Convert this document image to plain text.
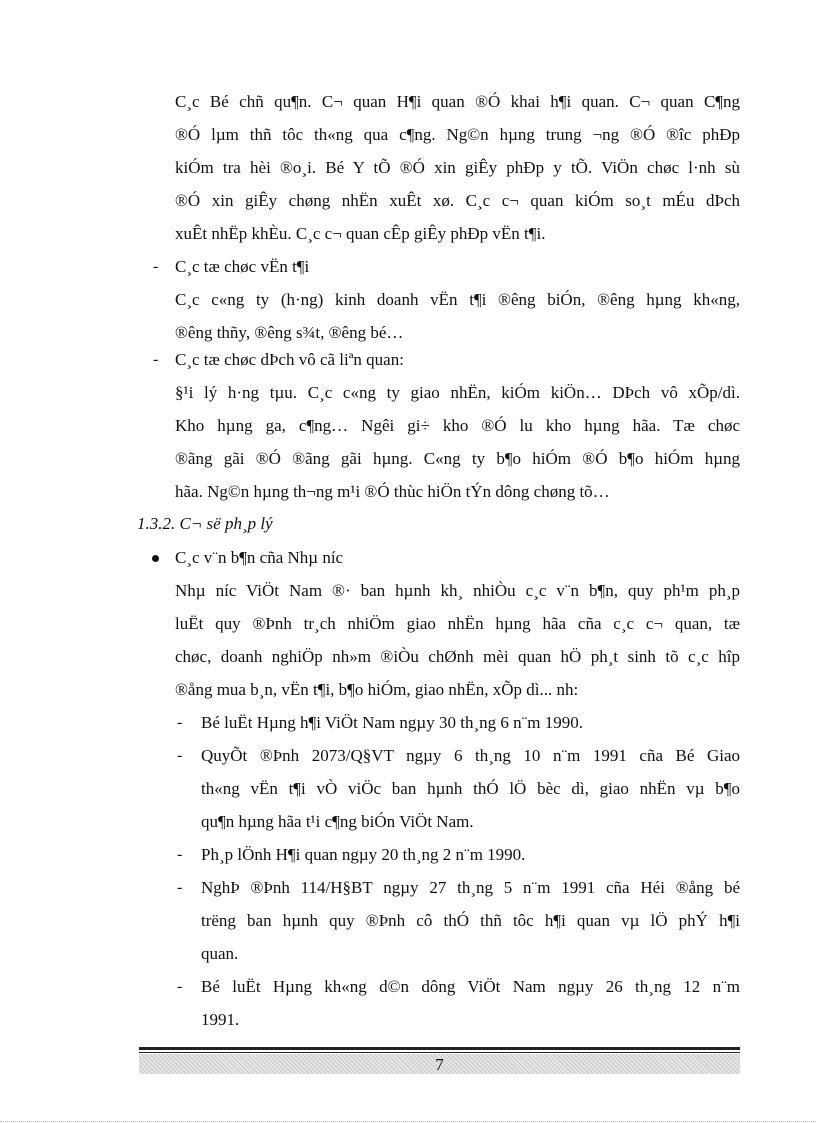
C¸c Bé chñ qu¶n. C¬ quan H¶i quan ®Ó khai h¶i quan. C¬ quan C¶ng
®Ó lµm thñ tôc th«ng qua c¶ng. Ng©n hµng trung ¬ng ®Ó ®îc phÐp
kiÓm tra hèi ®o¸i. Bé Y tÕ ®Ó xin giÊy phÐp y tÕ. ViÖn chøc l·nh sù
®Ó xin giÊy chøng nhËn xuÊt xø. C¸c c¬ quan kiÓm so¸t mÉu dÞch
xuÊt nhËp khÈu. C¸c c¬ quan cÊp giÊy phÐp vËn t¶i.
- C¸c tæ chøc vËn t¶i
C¸c c«ng ty (h·ng) kinh doanh vËn t¶i ®êng biÓn, ®êng hµng kh«ng,
®êng thñy, ®êng s¾t, ®êng bé…
- C¸c tæ chøc dÞch vô cã liªn quan:
§¹i lý h·ng tµu. C¸c c«ng ty giao nhËn, kiÓm kiÖn… DÞch vô xÕp/dì.
Kho hµng ga, c¶ng… Ngêi gi÷ kho ®Ó lu kho hµng hãa. Tæ chøc
®ãng gãi ®Ó ®ãng gãi hµng. C«ng ty b¶o hiÓm ®Ó b¶o hiÓm hµng
hãa. Ng©n hµng th¬ng m¹i ®Ó thùc hiÖn tÝn dông chøng tõ…
1.3.2. C¬ së ph¸p lý
C¸c v¨n b¶n cña Nhµ níc
Nhµ níc ViÖt Nam ®· ban hµnh kh¸ nhiÒu c¸c v¨n b¶n, quy ph¹m ph¸p
luËt quy ®Þnh tr¸ch nhiÖm giao nhËn hµng hãa cña c¸c c¬ quan, tæ
chøc, doanh nghiÖp nh»m ®iÒu chØnh mèi quan hÖ ph¸t sinh tõ c¸c hîp
®ång mua b¸n, vËn t¶i, b¶o hiÓm, giao nhËn, xÕp dì... nh:
- Bé luËt Hµng h¶i ViÖt Nam ngµy 30 th¸ng 6 n¨m 1990.
- QuyÕt ®Þnh 2073/Q§VT ngµy 6 th¸ng 10 n¨m 1991 cña Bé Giao
th«ng vËn t¶i vÒ viÖc ban hµnh thÓ lÖ bèc dì, giao nhËn vµ b¶o
qu¶n hµng hãa t¹i c¶ng biÓn ViÖt Nam.
- Ph¸p lÖnh H¶i quan ngµy 20 th¸ng 2 n¨m 1990.
- NghÞ ®Þnh 114/H§BT ngµy 27 th¸ng 5 n¨m 1991 cña Héi ®ång bé
trëng ban hµnh quy ®Þnh cô thÓ thñ tôc h¶i quan vµ lÖ phÝ h¶i
quan.
- Bé luËt Hµng kh«ng d©n dông ViÖt Nam ngµy 26 th¸ng 12 n¨m
1991.
7
